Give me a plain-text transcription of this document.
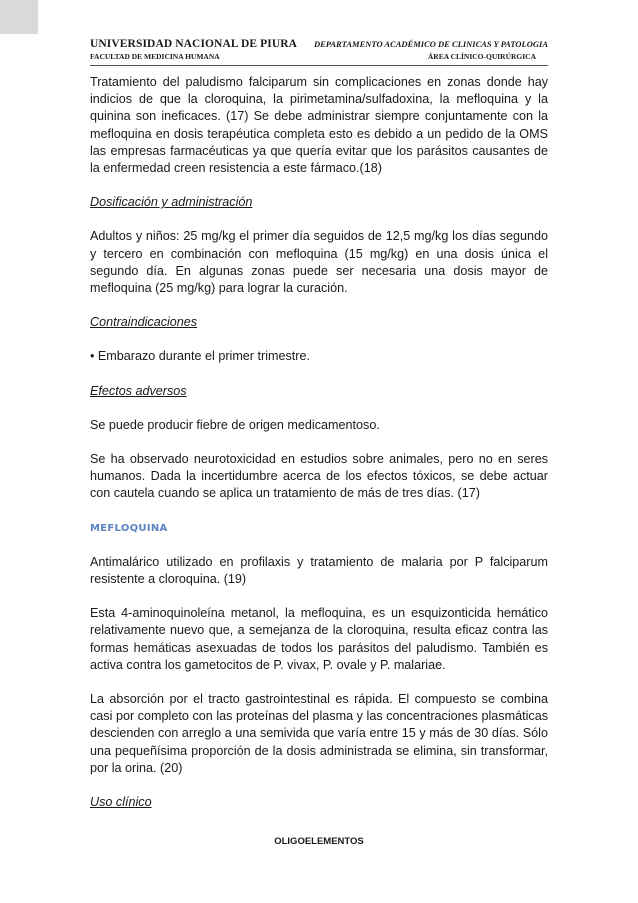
UNIVERSIDAD NACIONAL DE PIURA DEPARTAMENTO ACADÉMICO DE CLINICAS Y PATOLOGIA
FACULTAD DE MEDICINA HUMANA	ÁREA CLÍNICO-QUIRÚRGICA

Tratamiento del paludismo falciparum sin complicaciones en zonas donde hay indicios de que la cloroquina, la pirimetamina/sulfadoxina, la mefloquina y la quinina son ineficaces. (17) Se debe administrar siempre conjuntamente con la mefloquina en dosis terapéutica completa esto es debido a un pedido de la OMS las empresas farmacéuticas ya que quería evitar que los parásitos causantes de la enfermedad creen resistencia a este fármaco.(18)

Dosificación y administración

Adultos y niños: 25 mg/kg el primer día seguidos de 12,5 mg/kg los días segundo y tercero en combinación con mefloquina (15 mg/kg) en una dosis única el segundo día. En algunas zonas puede ser necesaria una dosis mayor de mefloquina (25 mg/kg) para lograr la curación.

Contraindicaciones

• Embarazo durante el primer trimestre.

Efectos adversos

Se puede producir fiebre de origen medicamentoso.

Se ha observado neurotoxicidad en estudios sobre animales, pero no en seres humanos. Dada la incertidumbre acerca de los efectos tóxicos, se debe actuar con cautela cuando se aplica un tratamiento de más de tres días. (17)

MEFLOQUINA

Antimalárico utilizado en profilaxis y tratamiento de malaria por P falciparum resistente a cloroquina. (19)

Esta 4-aminoquinoleína metanol, la mefloquina, es un esquizonticida hemático relativamente nuevo que, a semejanza de la cloroquina, resulta eficaz contra las formas hemáticas asexuadas de todos los parásitos del paludismo. También es activa contra los gametocitos de P. vivax, P. ovale y P. malariae.

La absorción por el tracto gastrointestinal es rápida. El compuesto se combina casi por completo con las proteínas del plasma y las concentraciones plasmáticas descienden con arreglo a una semivida que varía entre 15 y más de 30 días. Sólo una pequeñísima proporción de la dosis administrada se elimina, sin transformar, por la orina. (20)

Uso clínico
OLIGOELEMENTOS
